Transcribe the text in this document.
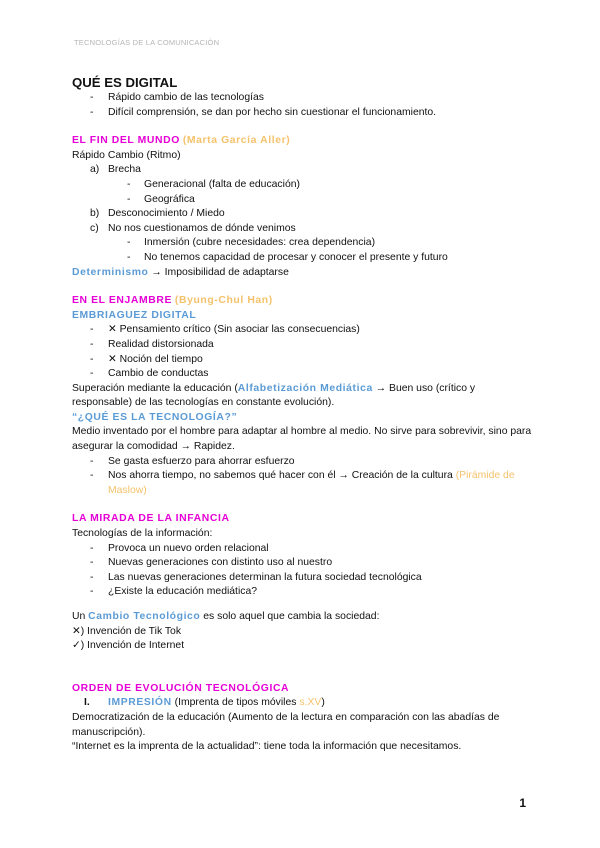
TECNOLOGÍAS DE LA COMUNICACIÓN
QUÉ ES DIGITAL
- Rápido cambio de las tecnologías
- Difícil comprensión, se dan por hecho sin cuestionar el funcionamiento.
EL FIN DEL MUNDO (Marta García Aller)
Rápido Cambio (Ritmo)
a) Brecha
- Generacional (falta de educación)
- Geográfica
b) Desconocimiento / Miedo
c) No nos cuestionamos de dónde venimos
- Inmersión (cubre necesidades: crea dependencia)
- No tenemos capacidad de procesar y conocer el presente y futuro
Determinismo → Imposibilidad de adaptarse
EN EL ENJAMBRE (Byung-Chul Han)
EMBRIAGUEZ DIGITAL
- ✕ Pensamiento crítico (Sin asociar las consecuencias)
- Realidad distorsionada
- ✕ Noción del tiempo
- Cambio de conductas
Superación mediante la educación (Alfabetización Mediática → Buen uso (crítico y responsable) de las tecnologías en constante evolución).
“¿QUÉ ES LA TECNOLOGÍA?”
Medio inventado por el hombre para adaptar al hombre al medio. No sirve para sobrevivir, sino para asegurar la comodidad → Rapidez.
- Se gasta esfuerzo para ahorrar esfuerzo
- Nos ahorra tiempo, no sabemos qué hacer con él → Creación de la cultura (Pirámide de Maslow)
LA MIRADA DE LA INFANCIA
Tecnologías de la información:
- Provoca un nuevo orden relacional
- Nuevas generaciones con distinto uso al nuestro
- Las nuevas generaciones determinan la futura sociedad tecnológica
- ¿Existe la educación mediática?
Un Cambio Tecnológico es solo aquel que cambia la sociedad:
✕) Invención de Tik Tok
✓) Invención de Internet
ORDEN DE EVOLUCIÓN TECNOLÓGICA
I. IMPRESIÓN (Imprenta de tipos móviles s.XV)
Democratización de la educación (Aumento de la lectura en comparación con las abadías de manuscripción).
“Internet es la imprenta de la actualidad”: tiene toda la información que necesitamos.
1
